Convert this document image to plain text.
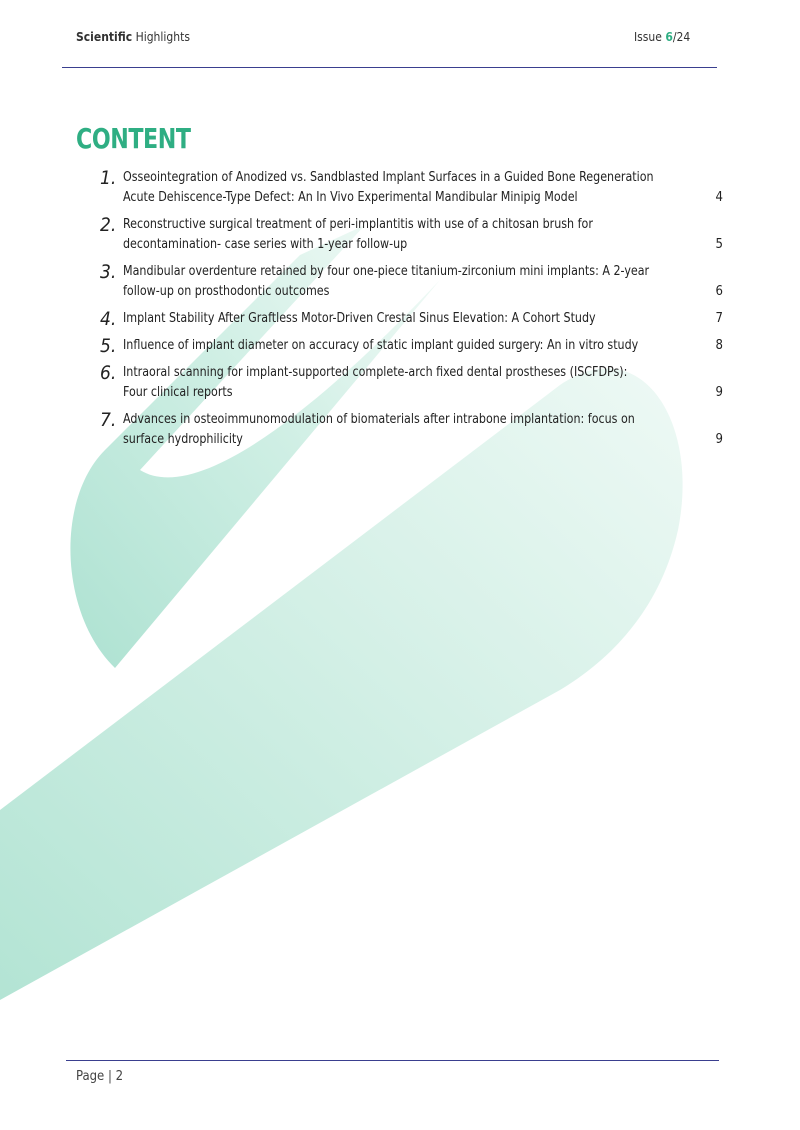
Scientific Highlights	Issue 6/24
CONTENT
1. Osseointegration of Anodized vs. Sandblasted Implant Surfaces in a Guided Bone Regeneration Acute Dehiscence-Type Defect: An In Vivo Experimental Mandibular Minipig Model	4
2. Reconstructive surgical treatment of peri-implantitis with use of a chitosan brush for decontamination- case series with 1-year follow-up	5
3. Mandibular overdenture retained by four one-piece titanium-zirconium mini implants: A 2-year follow-up on prosthodontic outcomes	6
4. Implant Stability After Graftless Motor-Driven Crestal Sinus Elevation: A Cohort Study	7
5. Influence of implant diameter on accuracy of static implant guided surgery: An in vitro study	8
6. Intraoral scanning for implant-supported complete-arch fixed dental prostheses (ISCFDPs): Four clinical reports	9
7. Advances in osteoimmunomodulation of biomaterials after intrabone implantation: focus on surface hydrophilicity	9
Page | 2
